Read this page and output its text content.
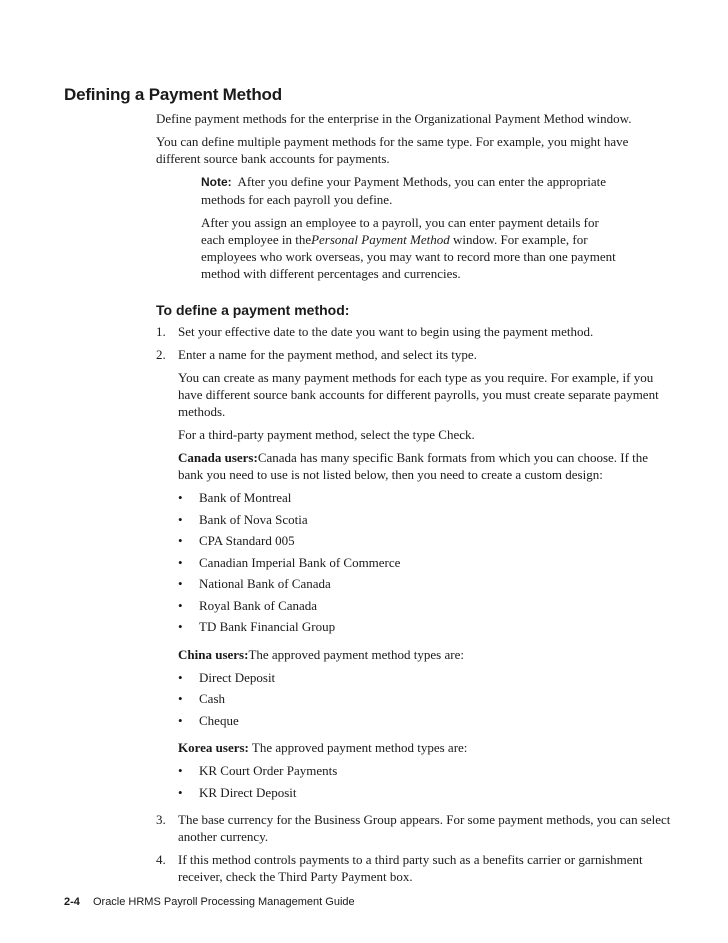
Defining a Payment Method

Define payment methods for the enterprise in the Organizational Payment Method window.

You can define multiple payment methods for the same type. For example, you might have different source bank accounts for payments.

Note: After you define your Payment Methods, you can enter the appropriate methods for each payroll you define.

After you assign an employee to a payroll, you can enter payment details for each employee in thePersonal Payment Method window. For example, for employees who work overseas, you may want to record more than one payment method with different percentages and currencies.

To define a payment method:
1. Set your effective date to the date you want to begin using the payment method.

2. Enter a name for the payment method, and select its type.

You can create as many payment methods for each type as you require. For example, if you have different source bank accounts for different payrolls, you must create separate payment methods.

For a third-party payment method, select the type Check.

Canada users:Canada has many specific Bank formats from which you can choose. If the bank you need to use is not listed below, then you need to create a custom design:

• Bank of Montreal
• Bank of Nova Scotia
• CPA Standard 005
• Canadian Imperial Bank of Commerce
• National Bank of Canada
• Royal Bank of Canada
• TD Bank Financial Group

China users:The approved payment method types are:

• Direct Deposit
• Cash
• Cheque

Korea users: The approved payment method types are:

• KR Court Order Payments
• KR Direct Deposit
3. The base currency for the Business Group appears. For some payment methods, you can select another currency.

4. If this method controls payments to a third party such as a benefits carrier or garnishment receiver, check the Third Party Payment box.

2-4 Oracle HRMS Payroll Processing Management Guide
